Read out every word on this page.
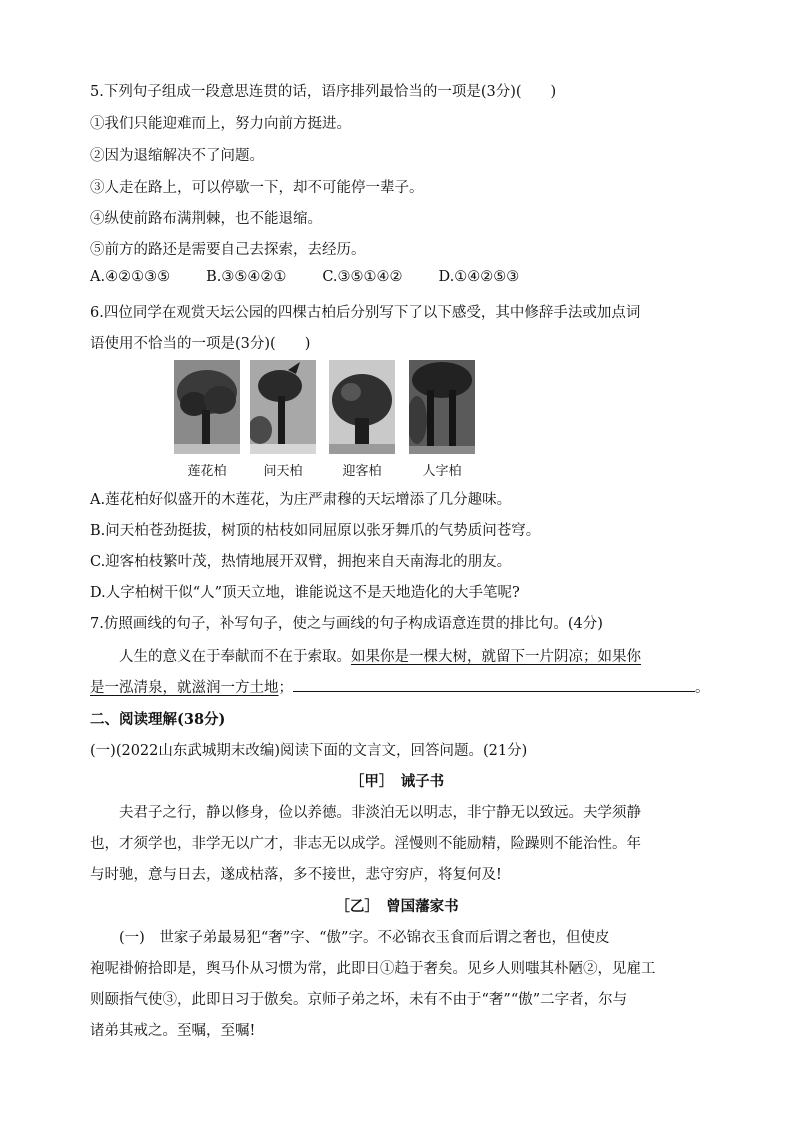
5.下列句子组成一段意思连贯的话，语序排列最恰当的一项是(3分)(　　)
①我们只能迎难而上，努力向前方挺进。
②因为退缩解决不了问题。
③人走在路上，可以停歇一下，却不可能停一辈子。
④纵使前路布满荆棘，也不能退缩。
⑤前方的路还是需要自己去探索，去经历。
A.④②①③⑤ B.③⑤④②① C.③⑤①④② D.①④②⑤③
6.四位同学在观赏天坛公园的四棵古柏后分别写下了以下感受，其中修辞手法或加点词
语使用不恰当的一项是(3分)(　　)
莲花柏	问天柏	迎客柏	人字柏
A.莲花柏好似盛开的木莲花，为庄严肃穆的天坛增添了几分趣味。
B.问天柏苍劲挺拔，树顶的枯枝如同屈原以张牙舞爪的气势质问苍穹。
C.迎客柏枝繁叶茂，热情地展开双臂，拥抱来自天南海北的朋友。
D.人字柏树干似“人”顶天立地，谁能说这不是天地造化的大手笔呢?
7.仿照画线的句子，补写句子，使之与画线的句子构成语意连贯的排比句。(4分)
人生的意义在于奉献而不在于索取。如果你是一棵大树，就留下一片阴凉；如果你
是一泓清泉，就滋润一方土地；	。
二、阅读理解(38分)
(一)(2022山东武城期末改编)阅读下面的文言文，回答问题。(21分)
［甲］　诫子书
夫君子之行，静以修身，俭以养德。非淡泊无以明志，非宁静无以致远。夫学须静
也，才须学也，非学无以广才，非志无以成学。淫慢则不能励精，险躁则不能治性。年
与时驰，意与日去，遂成枯落，多不接世，悲守穷庐，将复何及!
［乙］　曾国藩家书
(一)　世家子弟最易犯“奢”字、“傲”字。不必锦衣玉食而后谓之奢也，但使皮
袍呢褂俯拾即是，舆马仆从习惯为常，此即日①趋于奢矣。见乡人则嗤其朴陋②，见雇工
则颐指气使③，此即日习于傲矣。京师子弟之坏，未有不由于“奢”“傲”二字者，尔与
诸弟其戒之。至嘱，至嘱!
